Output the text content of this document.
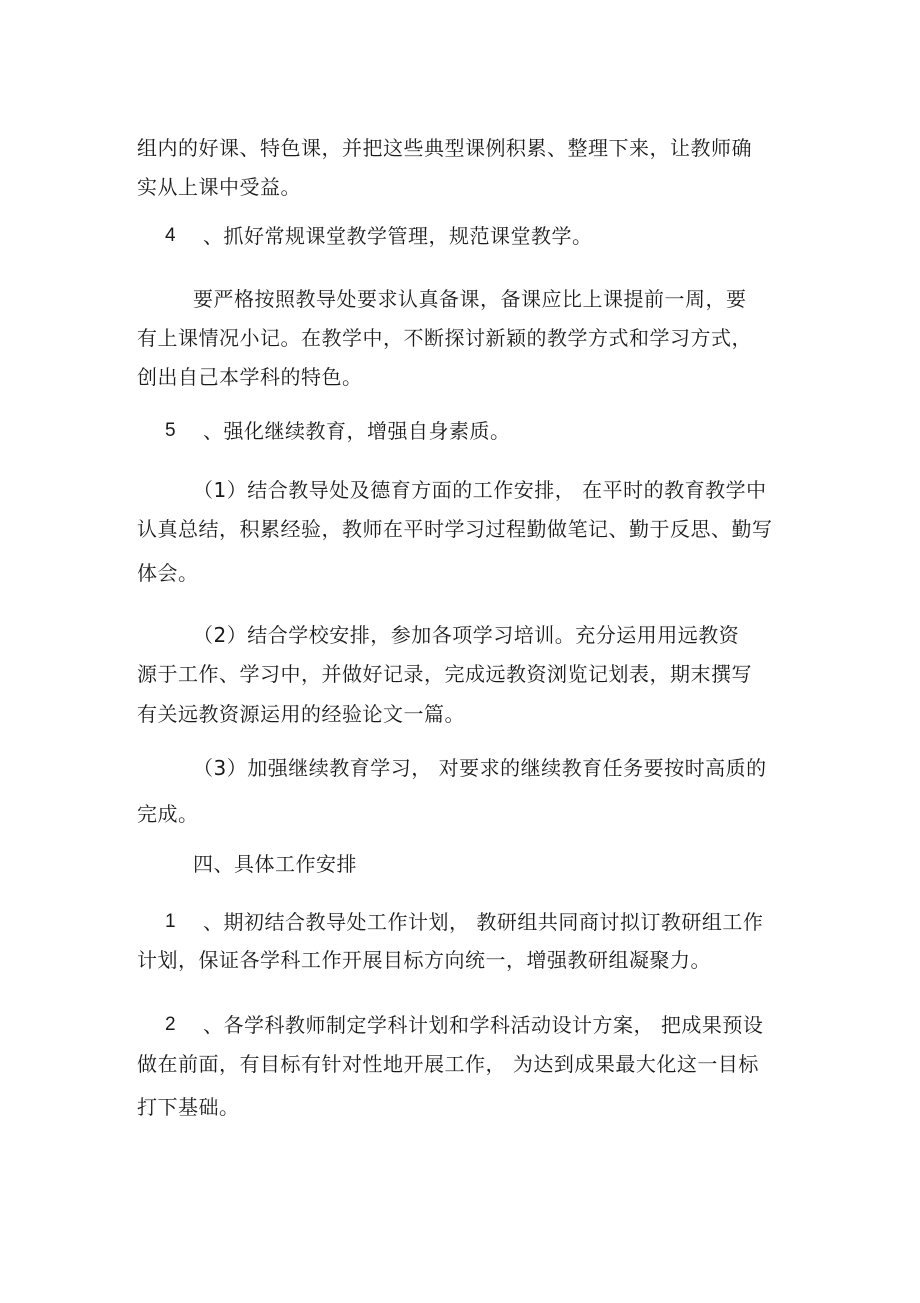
组内的好课、特色课，并把这些典型课例积累、整理下来，让教师确
实从上课中受益。
4 、抓好常规课堂教学管理，规范课堂教学。
要严格按照教导处要求认真备课，备课应比上课提前一周，要
有上课情况小记。在教学中，不断探讨新颖的教学方式和学习方式，
创出自己本学科的特色。
5 、强化继续教育，增强自身素质。
（1）结合教导处及德育方面的工作安排， 在平时的教育教学中
认真总结，积累经验，教师在平时学习过程勤做笔记、勤于反思、勤写
体会。
（2）结合学校安排，参加各项学习培训。充分运用用远教资
源于工作、学习中，并做好记录，完成远教资浏览记划表，期末撰写
有关远教资源运用的经验论文一篇。
（3）加强继续教育学习， 对要求的继续教育任务要按时高质的
完成。
四、具体工作安排
1 、期初结合教导处工作计划， 教研组共同商讨拟订教研组工作
计划，保证各学科工作开展目标方向统一，增强教研组凝聚力。
2 、各学科教师制定学科计划和学科活动设计方案， 把成果预设
做在前面，有目标有针对性地开展工作， 为达到成果最大化这一目标
打下基础。
